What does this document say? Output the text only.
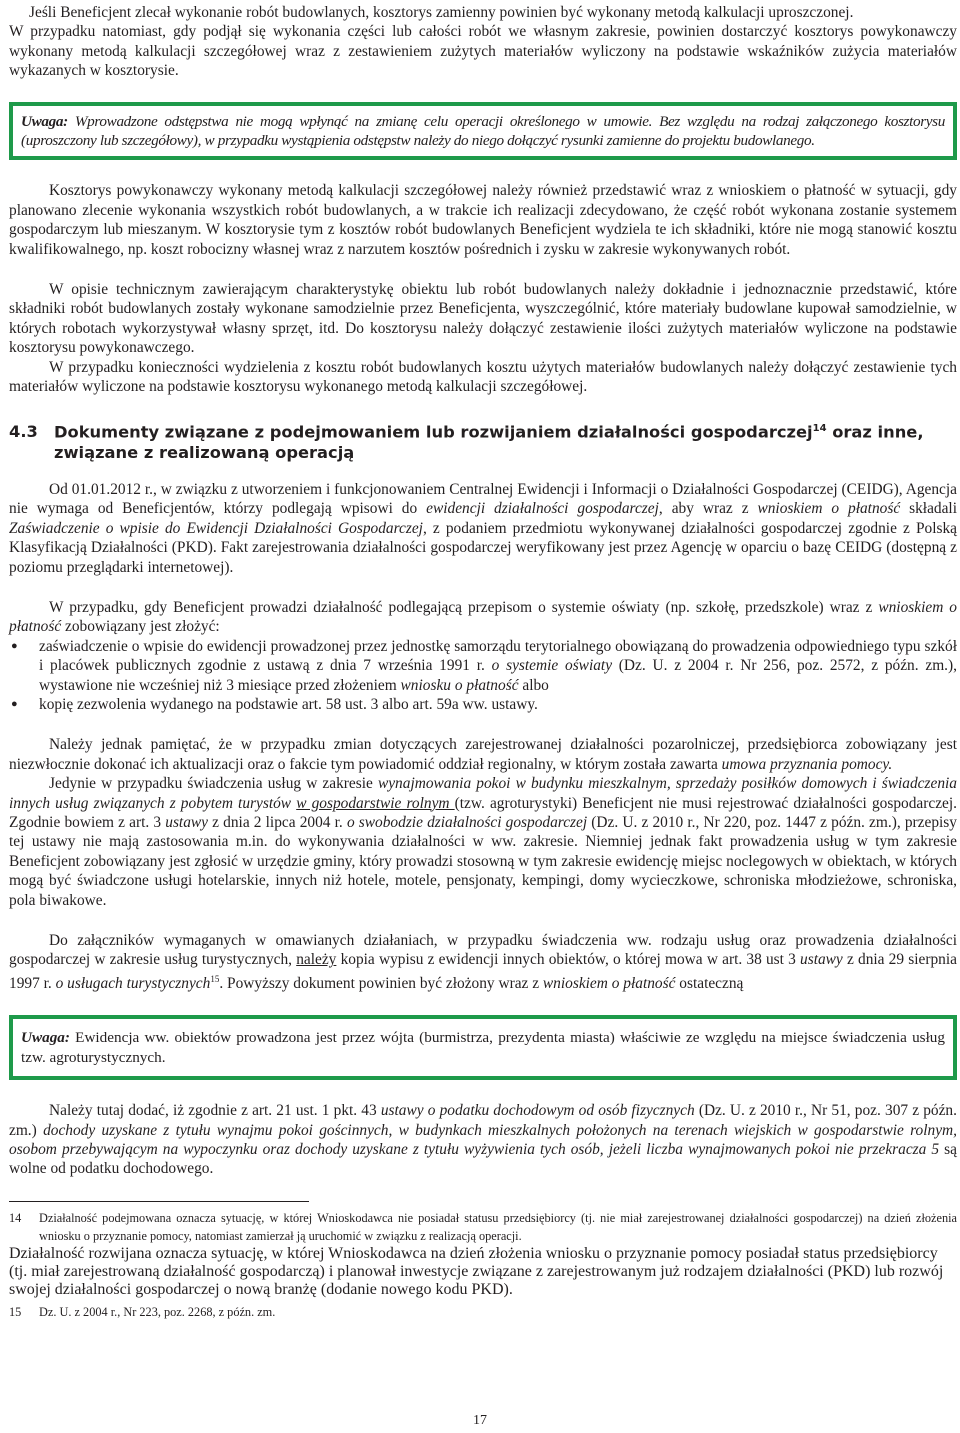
Jeśli Beneficjent zlecał wykonanie robót budowlanych, kosztorys zamienny powinien być wykonany metodą kalkulacji uproszczonej.

W przypadku natomiast, gdy podjął się wykonania części lub całości robót we własnym zakresie, powinien dostarczyć kosztorys powykonawczy wykonany metodą kalkulacji szczegółowej wraz z zestawieniem zużytych materiałów wyliczony na podstawie wskaźników zużycia materiałów wykazanych w kosztorysie.

Uwaga: Wprowadzone odstępstwa nie mogą wpłynąć na zmianę celu operacji określonego w umowie. Bez względu na rodzaj załączonego kosztorysu (uproszczony lub szczegółowy), w przypadku wystąpienia odstępstw należy do niego dołączyć rysunki zamienne do projektu budowlanego.

Kosztorys powykonawczy wykonany metodą kalkulacji szczegółowej należy również przedstawić wraz z wnioskiem o płatność w sytuacji, gdy planowano zlecenie wykonania wszystkich robót budowlanych, a w trakcie ich realizacji zdecydowano, że część robót wykonana zostanie systemem gospodarczym lub mieszanym. W kosztorysie tym z kosztów robót budowlanych Beneficjent wydziela te ich składniki, które nie mogą stanowić kosztu kwalifikowalnego, np. koszt robocizny własnej wraz z narzutem kosztów pośrednich i zysku w zakresie wykonywanych robót.

W opisie technicznym zawierającym charakterystykę obiektu lub robót budowlanych należy dokładnie i jednoznacznie przedstawić, które składniki robót budowlanych zostały wykonane samodzielnie przez Beneficjenta, wyszczególnić, które materiały budowlane kupował samodzielnie, w których robotach wykorzystywał własny sprzęt, itd. Do kosztorysu należy dołączyć zestawienie ilości zużytych materiałów wyliczone na podstawie kosztorysu powykonawczego.

W przypadku konieczności wydzielenia z kosztu robót budowlanych kosztu użytych materiałów budowlanych należy dołączyć zestawienie tych materiałów wyliczone na podstawie kosztorysu wykonanego metodą kalkulacji szczegółowej.

4.3 Dokumenty związane z podejmowaniem lub rozwijaniem działalności gospodarczej$^{14}$ oraz inne, związane z realizowaną operacją

Od 01.01.2012 r., w związku z utworzeniem i funkcjonowaniem Centralnej Ewidencji i Informacji o Działalności Gospodarczej (CEIDG), Agencja nie wymaga od Beneficjentów, którzy podlegają wpisowi do ewidencji działalności gospodarczej, aby wraz z wnioskiem o płatność składali Zaświadczenie o wpisie do Ewidencji Działalności Gospodarczej, z podaniem przedmiotu wykonywanej działalności gospodarczej zgodnie z Polską Klasyfikacją Działalności (PKD). Fakt zarejestrowania działalności gospodarczej weryfikowany jest przez Agencję w oparciu o bazę CEIDG (dostępną z poziomu przeglądarki internetowej).

W przypadku, gdy Beneficjent prowadzi działalność podlegającą przepisom o systemie oświaty (np. szkołę, przedszkole) wraz z wnioskiem o płatność zobowiązany jest złożyć:

● zaświadczenie o wpisie do ewidencji prowadzonej przez jednostkę samorządu terytorialnego obowiązaną do prowadzenia odpowiedniego typu szkół i placówek publicznych zgodnie z ustawą z dnia 7 września 1991 r. o systemie oświaty (Dz. U. z 2004 r. Nr 256, poz. 2572, z późn. zm.), wystawione nie wcześniej niż 3 miesiące przed złożeniem wniosku o płatność albo
● kopię zezwolenia wydanego na podstawie art. 58 ust. 3 albo art. 59a ww. ustawy.

Należy jednak pamiętać, że w przypadku zmian dotyczących zarejestrowanej działalności pozarolniczej, przedsiębiorca zobowiązany jest niezwłocznie dokonać ich aktualizacji oraz o fakcie tym powiadomić oddział regionalny, w którym została zawarta umowa przyznania pomocy.

Jedynie w przypadku świadczenia usług w zakresie wynajmowania pokoi w budynku mieszkalnym, sprzedaży posiłków domowych i świadczenia innych usług związanych z pobytem turystów w gospodarstwie rolnym (tzw. agroturystyki) Beneficjent nie musi rejestrować działalności gospodarczej. Zgodnie bowiem z art. 3 ustawy z dnia 2 lipca 2004 r. o swobodzie działalności gospodarczej (Dz. U. z 2010 r., Nr 220, poz. 1447 z późn. zm.), przepisy tej ustawy nie mają zastosowania m.in. do wykonywania działalności w ww. zakresie. Niemniej jednak fakt prowadzenia usług w tym zakresie Beneficjent zobowiązany jest zgłosić w urzędzie gminy, który prowadzi stosowną w tym zakresie ewidencję miejsc noclegowych w obiektach, w których mogą być świadczone usługi hotelarskie, innych niż hotele, motele, pensjonaty, kempingi, domy wycieczkowe, schroniska młodzieżowe, schroniska, pola biwakowe.

Do załączników wymaganych w omawianych działaniach, w przypadku świadczenia ww. rodzaju usług oraz prowadzenia działalności gospodarczej w zakresie usług turystycznych, należy kopia wypisu z ewidencji innych obiektów, o której mowa w art. 38 ust 3 ustawy z dnia 29 sierpnia 1997 r. o usługach turystycznych$^{15}$. Powyższy dokument powinien być złożony wraz z wnioskiem o płatność ostateczną

Uwaga: Ewidencja ww. obiektów prowadzona jest przez wójta (burmistrza, prezydenta miasta) właściwie ze względu na miejsce świadczenia usług tzw. agroturystycznych.

Należy tutaj dodać, iż zgodnie z art. 21 ust. 1 pkt. 43 ustawy o podatku dochodowym od osób fizycznych (Dz. U. z 2010 r., Nr 51, poz. 307 z późn. zm.) dochody uzyskane z tytułu wynajmu pokoi gościnnych, w budynkach mieszkalnych położonych na terenach wiejskich w gospodarstwie rolnym, osobom przebywającym na wypoczynku oraz dochody uzyskane z tytułu wyżywienia tych osób, jeżeli liczba wynajmowanych pokoi nie przekracza 5 są wolne od podatku dochodowego.

14	Działalność podejmowana oznacza sytuację, w której Wnioskodawca nie posiadał statusu przedsiębiorcy (tj. nie miał zarejestrowanej działalności gospodarczej) na dzień złożenia wniosku o przyznanie pomocy, natomiast zamierzał ją uruchomić w związku z realizacją operacji.
Działalność rozwijana oznacza sytuację, w której Wnioskodawca na dzień złożenia wniosku o przyznanie pomocy posiadał status przedsiębiorcy (tj. miał zarejestrowaną działalność gospodarczą) i planował inwestycje związane z zarejestrowanym już rodzajem działalności (PKD) lub rozwój swojej działalności gospodarczej o nową branżę (dodanie nowego kodu PKD).
15	Dz. U. z 2004 r., Nr 223, poz. 2268, z późn. zm.
17
